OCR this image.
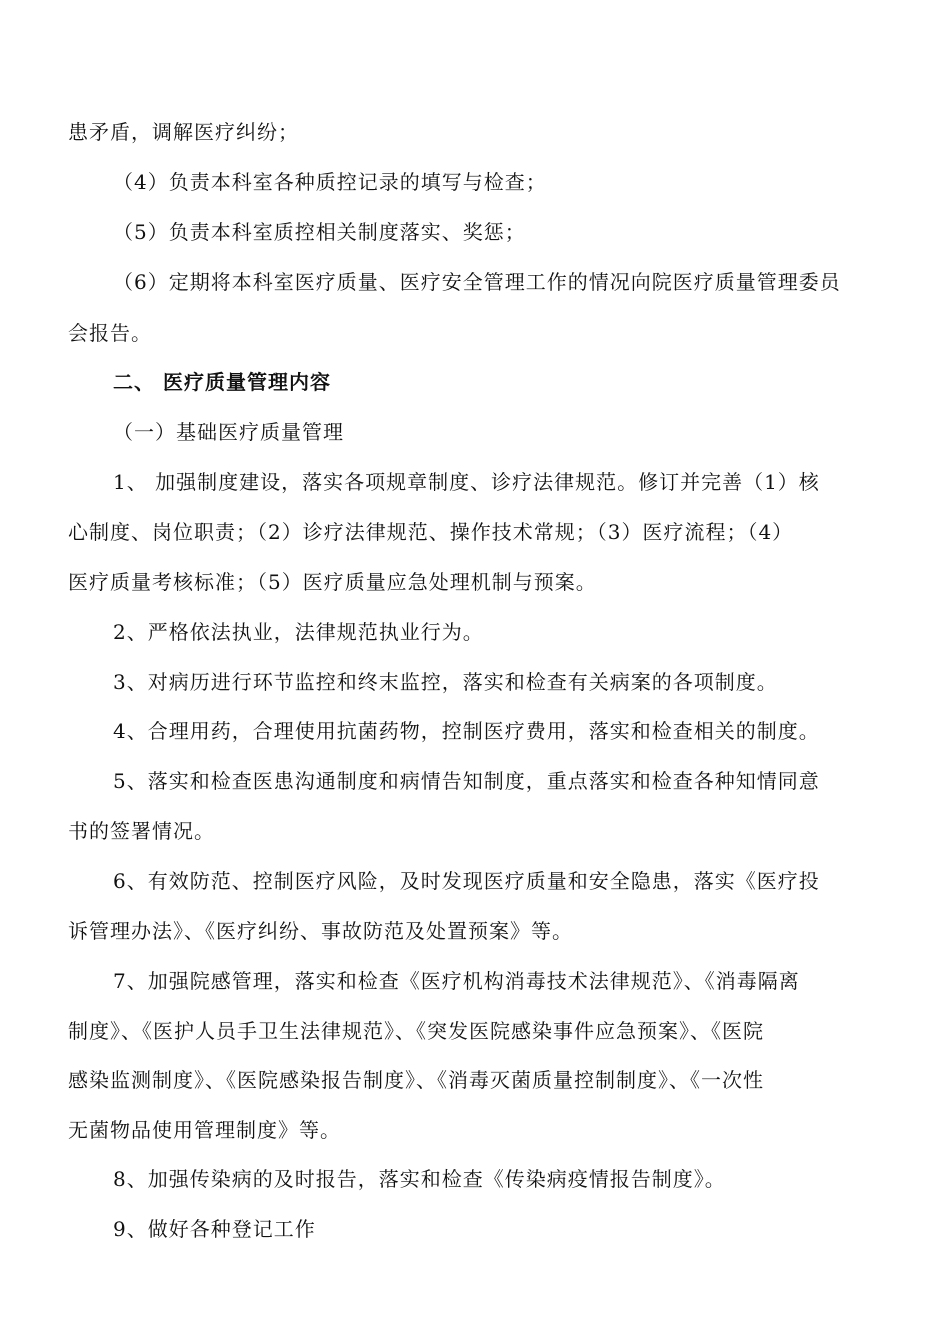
患矛盾，调解医疗纠纷；
（4）负责本科室各种质控记录的填写与检查；
（5）负责本科室质控相关制度落实、奖惩；
（6）定期将本科室医疗质量、医疗安全管理工作的情况向院医疗质量管理委员
会报告。
二、 医疗质量管理内容
（一）基础医疗质量管理
1、 加强制度建设，落实各项规章制度、诊疗法律规范。修订并完善（1）核
心制度、岗位职责；（2）诊疗法律规范、操作技术常规；（3）医疗流程；（4）
医疗质量考核标准；（5）医疗质量应急处理机制与预案。
2、严格依法执业，法律规范执业行为。
3、对病历进行环节监控和终末监控，落实和检查有关病案的各项制度。
4、合理用药，合理使用抗菌药物，控制医疗费用，落实和检查相关的制度。
5、落实和检查医患沟通制度和病情告知制度，重点落实和检查各种知情同意
书的签署情况。
6、有效防范、控制医疗风险，及时发现医疗质量和安全隐患，落实《医疗投
诉管理办法》、《医疗纠纷、事故防范及处置预案》等。
7、加强院感管理，落实和检查《医疗机构消毒技术法律规范》、《消毒隔离
制度》、《医护人员手卫生法律规范》、《突发医院感染事件应急预案》、《医院
感染监测制度》、《医院感染报告制度》、《消毒灭菌质量控制制度》、《一次性
无菌物品使用管理制度》等。
8、加强传染病的及时报告，落实和检查《传染病疫情报告制度》。
9、做好各种登记工作
